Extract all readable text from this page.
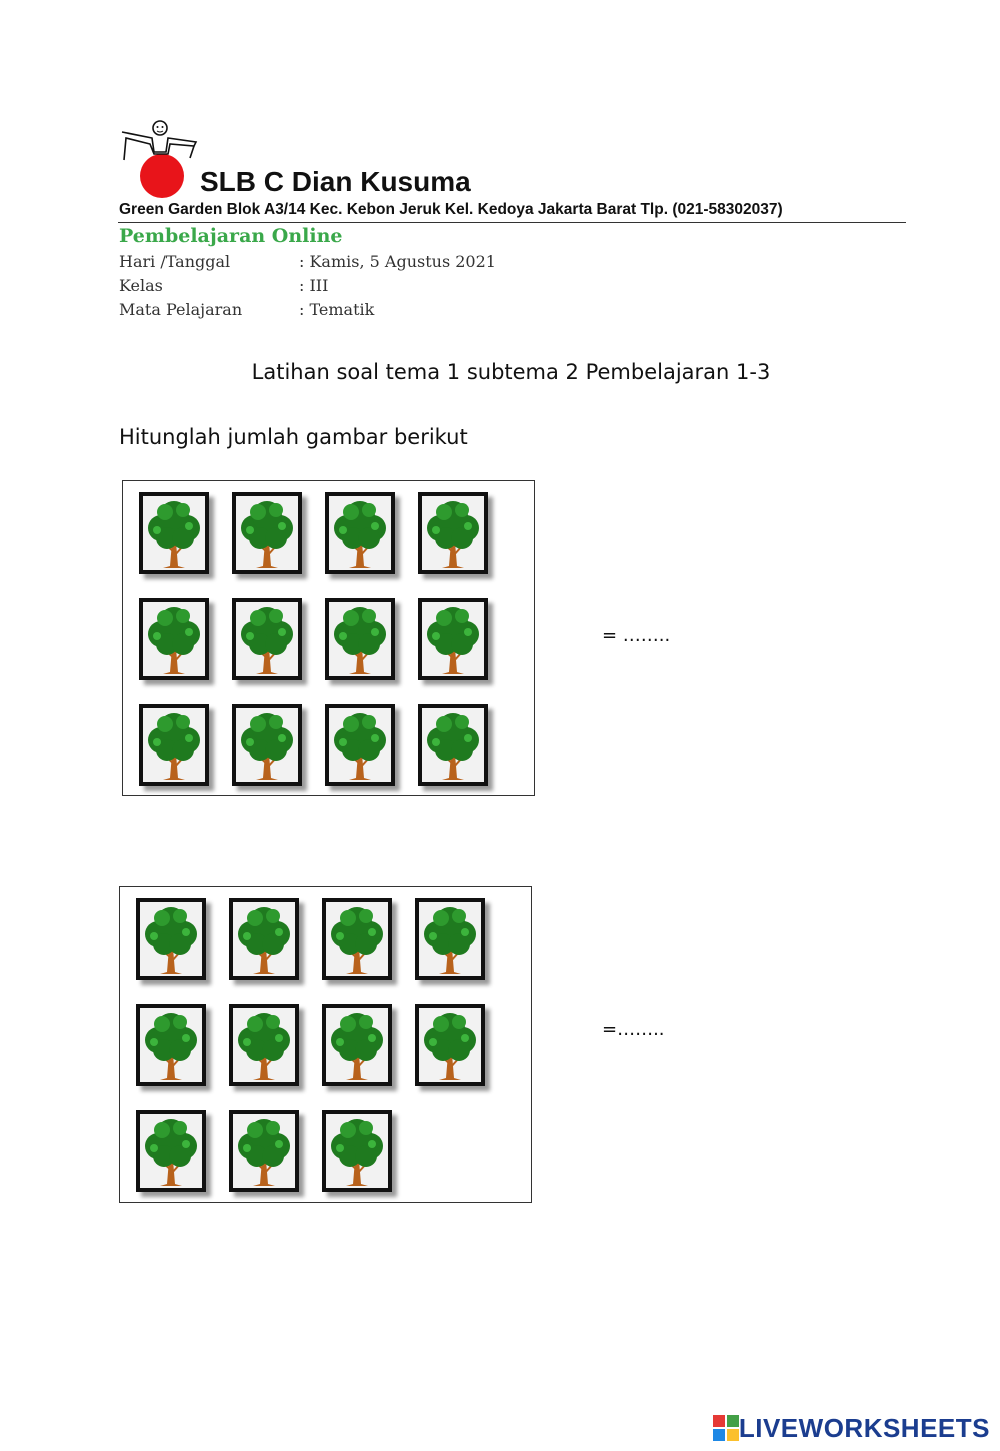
SLB C Dian Kusuma
Green Garden Blok A3/14 Kec. Kebon Jeruk Kel. Kedoya Jakarta Barat Tlp. (021-58302037)
Pembelajaran Online
Hari /Tanggal	: Kamis, 5 Agustus 2021
Kelas	: III
Mata Pelajaran	: Tematik
Latihan soal tema 1 subtema 2 Pembelajaran 1-3
Hitunglah jumlah gambar berikut
= ……..
=……..
LIVEWORKSHEETS
